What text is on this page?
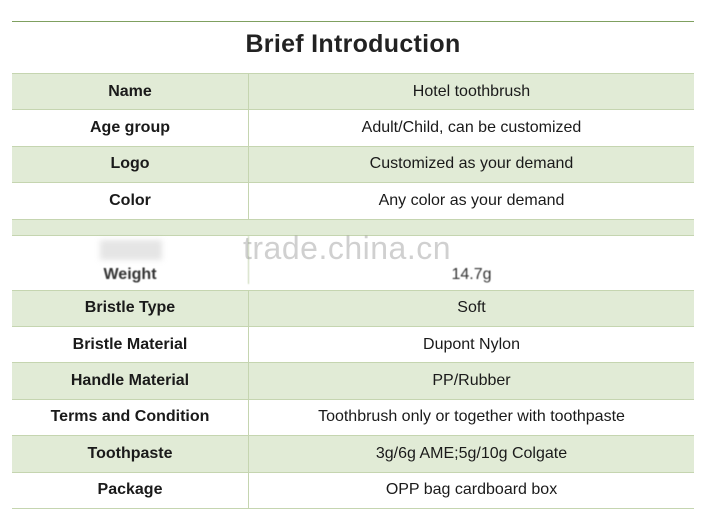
Brief Introduction
Name	Hotel toothbrush
Age group	Adult/Child, can be customized
Logo	Customized as your demand
Color	Any color as your demand
Weight	14.7g
Bristle Type	Soft
Bristle Material	Dupont Nylon
Handle Material	PP/Rubber
Terms and Condition	Toothbrush only or together with toothpaste
Toothpaste	3g/6g AME;5g/10g Colgate
Package	OPP bag cardboard box
trade.china.cn
